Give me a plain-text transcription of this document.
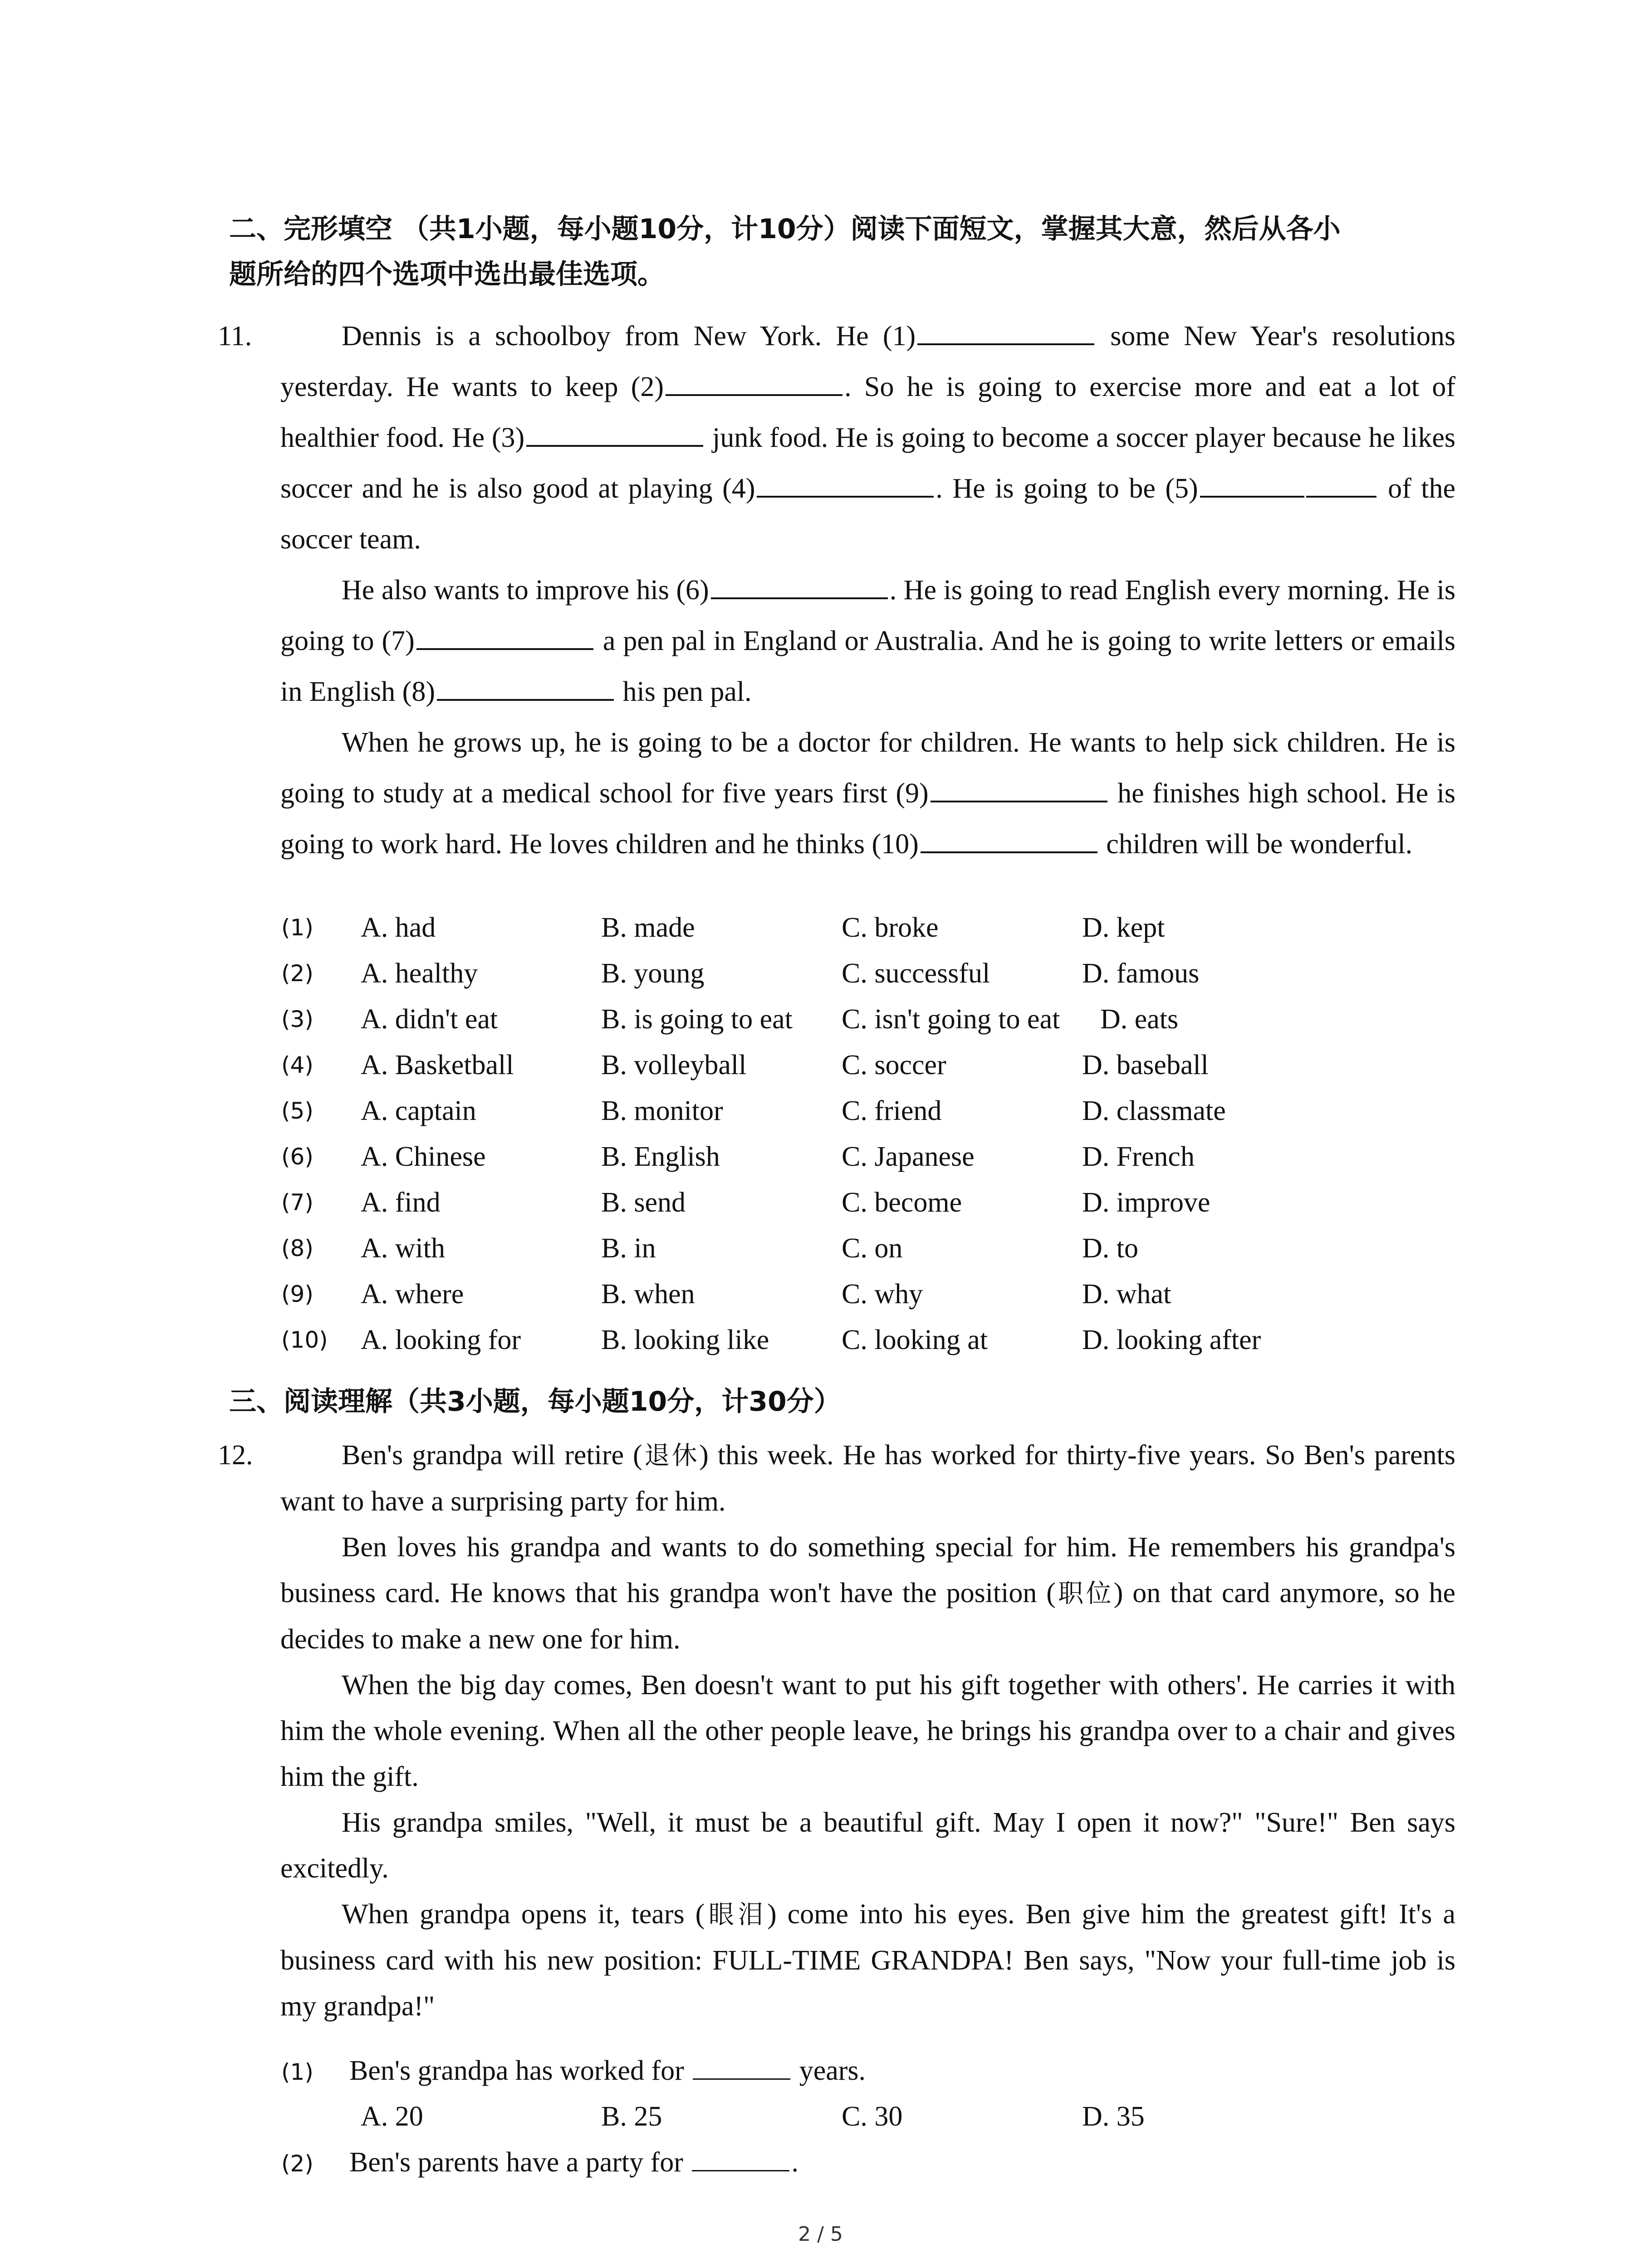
二、完形填空 （共1小题，每小题10分，计10分）阅读下面短文，掌握其大意，然后从各小
题所给的四个选项中选出最佳选项。
11.	Dennis is a schoolboy from New York. He (1)	some New Year's resolutions yesterday. He wants to keep (2)	. So he is going to exercise more and eat a lot of healthier food. He (3)	junk food. He is going to become a soccer player because he likes soccer and he is also good at playing (4)	. He is going to be (5)	of the soccer team.

He also wants to improve his (6)	. He is going to read English every morning. He is going to (7)	a pen pal in England or Australia. And he is going to write letters or emails in English (8)	his pen pal.

When he grows up, he is going to be a doctor for children. He wants to help sick children. He is going to study at a medical school for five years first (9)	he finishes high school. He is going to work hard. He loves children and he thinks (10)	children will be wonderful.

(1)	A. had	B. made	C. broke	D. kept
(2)	A. healthy	B. young	C. successful	D. famous
(3)	A. didn't eat	B. is going to eat C. isn't going to eat D. eats
(4)	A. Basketball	B. volleyball	C. soccer	D. baseball
(5)	A. captain	B. monitor	C. friend	D. classmate
(6)	A. Chinese	B. English	C. Japanese	D. French
(7)	A. find	B. send	C. become	D. improve
(8)	A. with	B. in	C. on	D. to
(9)	A. where	B. when	C. why	D. what
(10)	A. looking for	B. looking like	C. looking at	D. looking after
三、阅读理解（共3小题，每小题10分，计30分）
12.	Ben's grandpa will retire (退休) this week. He has worked for thirty-five years. So Ben's parents want to have a surprising party for him.

Ben loves his grandpa and wants to do something special for him. He remembers his grandpa's business card. He knows that his grandpa won't have the position (职位) on that card anymore, so he decides to make a new one for him.

When the big day comes, Ben doesn't want to put his gift together with others'. He carries it with him the whole evening. When all the other people leave, he brings his grandpa over to a chair and gives him the gift.

His grandpa smiles, "Well, it must be a beautiful gift. May I open it now?" "Sure!" Ben says excitedly.

When grandpa opens it, tears (眼泪) come into his eyes. Ben give him the greatest gift! It's a business card with his new position: FULL-TIME GRANDPA! Ben says, "Now your full-time job is my grandpa!"

(1) Ben's grandpa has worked for	years.
A. 20	B. 25	C. 30	D. 35
(2) Ben's parents have a party for	.
2 / 5
